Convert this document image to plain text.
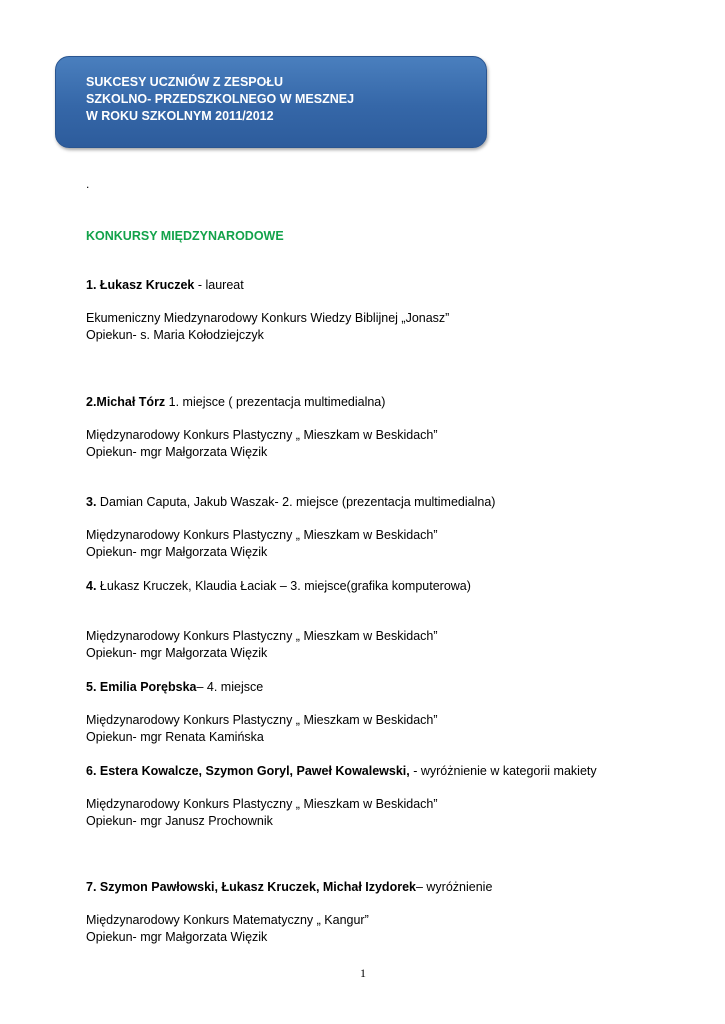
SUKCESY UCZNIÓW Z ZESPOŁU
SZKOLNO- PRZEDSZKOLNEGO W MESZNEJ
W ROKU SZKOLNYM 2011/2012
.
KONKURSY MIĘDZYNARODOWE
1. Łukasz Kruczek - laureat
Ekumeniczny Miedzynarodowy Konkurs Wiedzy Biblijnej „Jonasz”
Opiekun- s. Maria Kołodziejczyk
2.Michał Tórz 1. miejsce ( prezentacja multimedialna)
Międzynarodowy Konkurs Plastyczny „ Mieszkam w Beskidach”
Opiekun- mgr Małgorzata Więzik
3. Damian Caputa, Jakub Waszak- 2. miejsce (prezentacja multimedialna)
Międzynarodowy Konkurs Plastyczny „ Mieszkam w Beskidach”
Opiekun- mgr Małgorzata Więzik
4. Łukasz Kruczek, Klaudia Łaciak – 3. miejsce(grafika komputerowa)
Międzynarodowy Konkurs Plastyczny „ Mieszkam w Beskidach”
Opiekun- mgr Małgorzata Więzik
5. Emilia Porębska– 4. miejsce
Międzynarodowy Konkurs Plastyczny „ Mieszkam w Beskidach”
Opiekun- mgr Renata Kamińska
6. Estera Kowalcze, Szymon Goryl, Paweł Kowalewski, - wyróżnienie w kategorii makiety
Międzynarodowy Konkurs Plastyczny „ Mieszkam w Beskidach”
Opiekun- mgr Janusz Prochownik
7. Szymon Pawłowski, Łukasz Kruczek, Michał Izydorek– wyróżnienie
Międzynarodowy Konkurs Matematyczny „ Kangur”
Opiekun- mgr Małgorzata Więzik
1
